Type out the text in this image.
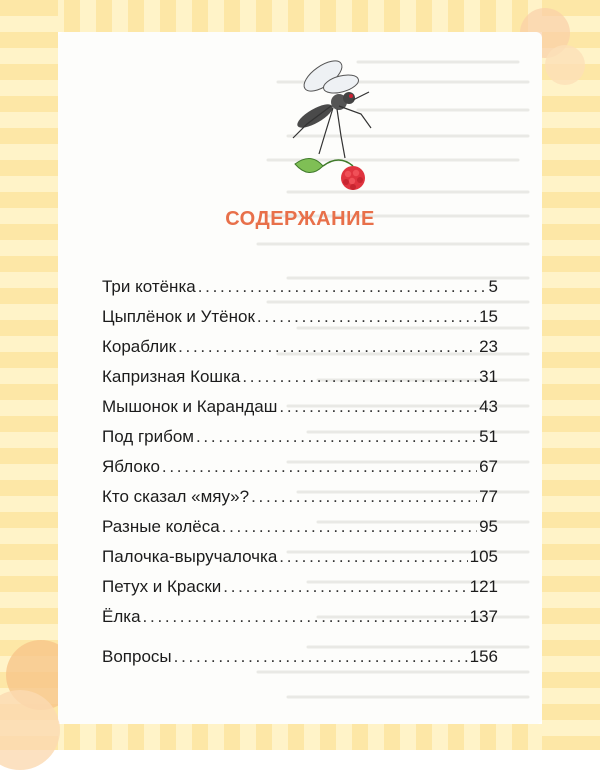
СОДЕРЖАНИЕ
Три котёнка . . .	5
Цыплёнок и Утёнок . . .	15
Кораблик . . .	23
Капризная Кошка . . .	31
Мышонок и Карандаш . . .	43
Под грибом . . .	51
Яблоко . . .	67
Кто сказал «мяу»? . . .	77
Разные колёса . . .	95
Палочка-выручалочка . . .	105
Петух и Краски . . .	121
Ёлка . . .	137
Вопросы . . .	156
